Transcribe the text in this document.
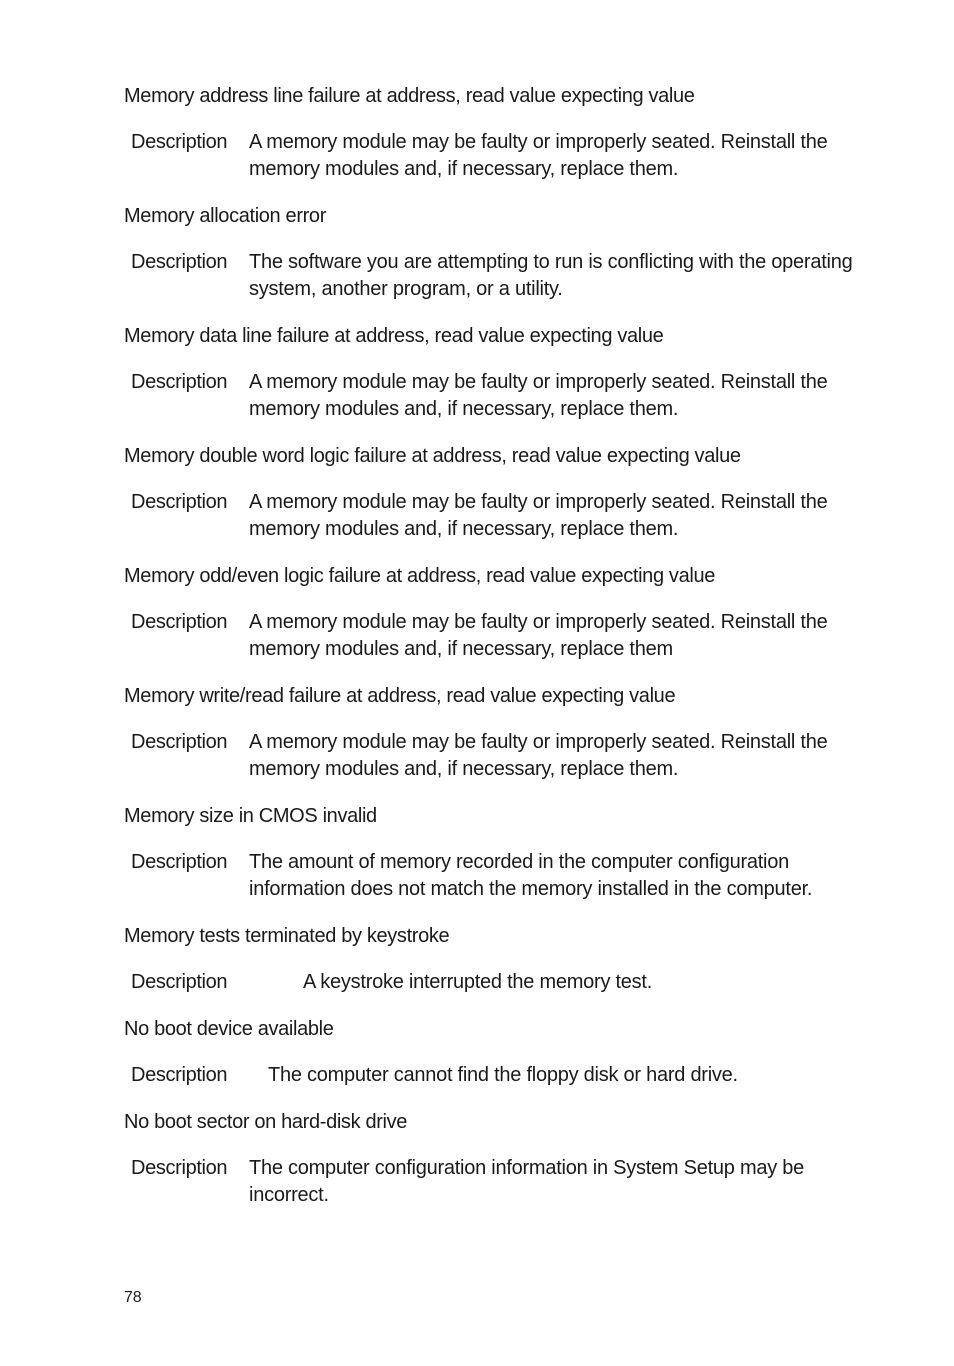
Memory address line failure at address, read value expecting value
Description	A memory module may be faulty or improperly seated. Reinstall the memory modules and, if necessary, replace them.
Memory allocation error
Description	The software you are attempting to run is conflicting with the operating system, another program, or a utility.
Memory data line failure at address, read value expecting value
Description	A memory module may be faulty or improperly seated. Reinstall the memory modules and, if necessary, replace them.
Memory double word logic failure at address, read value expecting value
Description	A memory module may be faulty or improperly seated. Reinstall the memory modules and, if necessary, replace them.
Memory odd/even logic failure at address, read value expecting value
Description	A memory module may be faulty or improperly seated. Reinstall the memory modules and, if necessary, replace them
Memory write/read failure at address, read value expecting value
Description	A memory module may be faulty or improperly seated. Reinstall the memory modules and, if necessary, replace them.
Memory size in CMOS invalid
Description	The amount of memory recorded in the computer configuration information does not match the memory installed in the computer.
Memory tests terminated by keystroke
Description	A keystroke interrupted the memory test.
No boot device available
Description	The computer cannot find the floppy disk or hard drive.
No boot sector on hard-disk drive
Description	The computer configuration information in System Setup may be incorrect.
78
